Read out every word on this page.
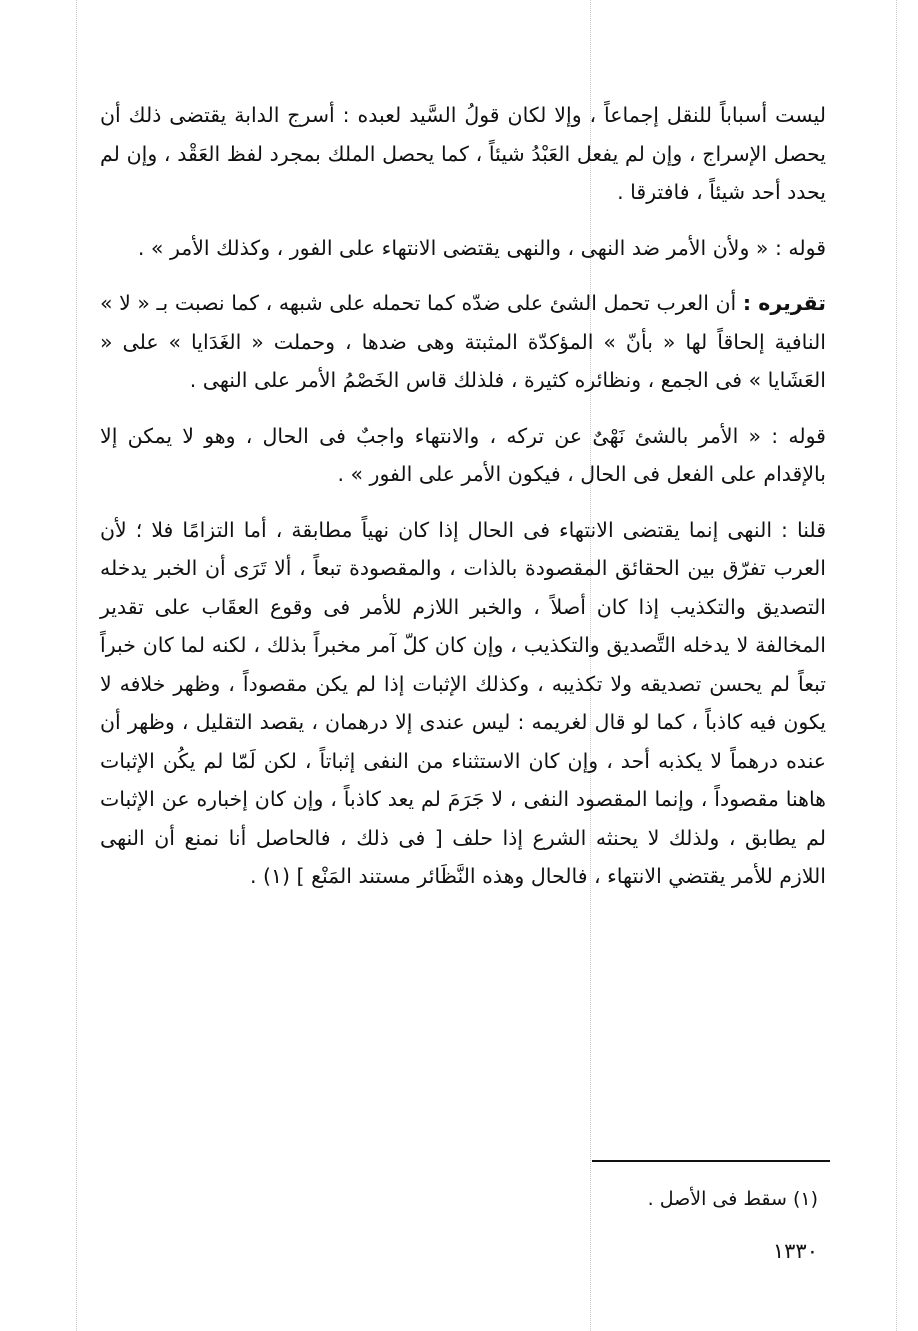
ليست أسباباً للنقل إجماعاً ، وإلا لكان قولُ السَّيد لعبده : أسرج الدابة يقتضى ذلك أن يحصل الإسراج ، وإن لم يفعل العَبْدُ شيئاً ، كما يحصل الملك بمجرد لفظ العَقْد ، وإن لم يحدد أحد شيئاً ، فافترقا .

قوله : « ولأن الأمر ضد النهى ، والنهى يقتضى الانتهاء على الفور ، وكذلك الأمر » .

تقريره : أن العرب تحمل الشئ على ضدّه كما تحمله على شبهه ، كما نصبت بـ « لا » النافية إلحاقاً لها « بأنّ » المؤكدّة المثبتة وهى ضدها ، وحملت « الغَدَايا » على « العَشَايا » فى الجمع ، ونظائره كثيرة ، فلذلك قاس الخَصْمُ الأمر على النهى .

قوله : « الأمر بالشئ نَهْىٌ عن تركه ، والانتهاء واجبٌ فى الحال ، وهو لا يمكن إلا بالإقدام على الفعل فى الحال ، فيكون الأمر على الفور » .

قلنا : النهى إنما يقتضى الانتهاء فى الحال إذا كان نهياً مطابقة ، أما التزامًا فلا ؛ لأن العرب تفرّق بين الحقائق المقصودة بالذات ، والمقصودة تبعاً ، ألا تَرَى أن الخبر يدخله التصديق والتكذيب إذا كان أصلاً ، والخبر اللازم للأمر فى وقوع العقَاب على تقدير المخالفة لا يدخله التَّصديق والتكذيب ، وإن كان كلّ آمر مخبراً بذلك ، لكنه لما كان خبراً تبعاً لم يحسن تصديقه ولا تكذيبه ، وكذلك الإثبات إذا لم يكن مقصوداً ، وظهر خلافه لا يكون فيه كاذباً ، كما لو قال لغريمه : ليس عندى إلا درهمان ، يقصد التقليل ، وظهر أن عنده درهماً لا يكذبه أحد ، وإن كان الاستثناء من النفى إثباتاً ، لكن لَمّا لم يكُن الإثبات هاهنا مقصوداً ، وإنما المقصود النفى ، لا جَرَمَ لم يعد كاذباً ، وإن كان إخباره عن الإثبات لم يطابق ، ولذلك لا يحنثه الشرع إذا حلف [ فى ذلك ، فالحاصل أنا نمنع أن النهى اللازم للأمر يقتضي الانتهاء ، فالحال وهذه النَّظَائر مستند المَنْع ] (١) .

(١) سقط فى الأصل .
١٣٣٠
